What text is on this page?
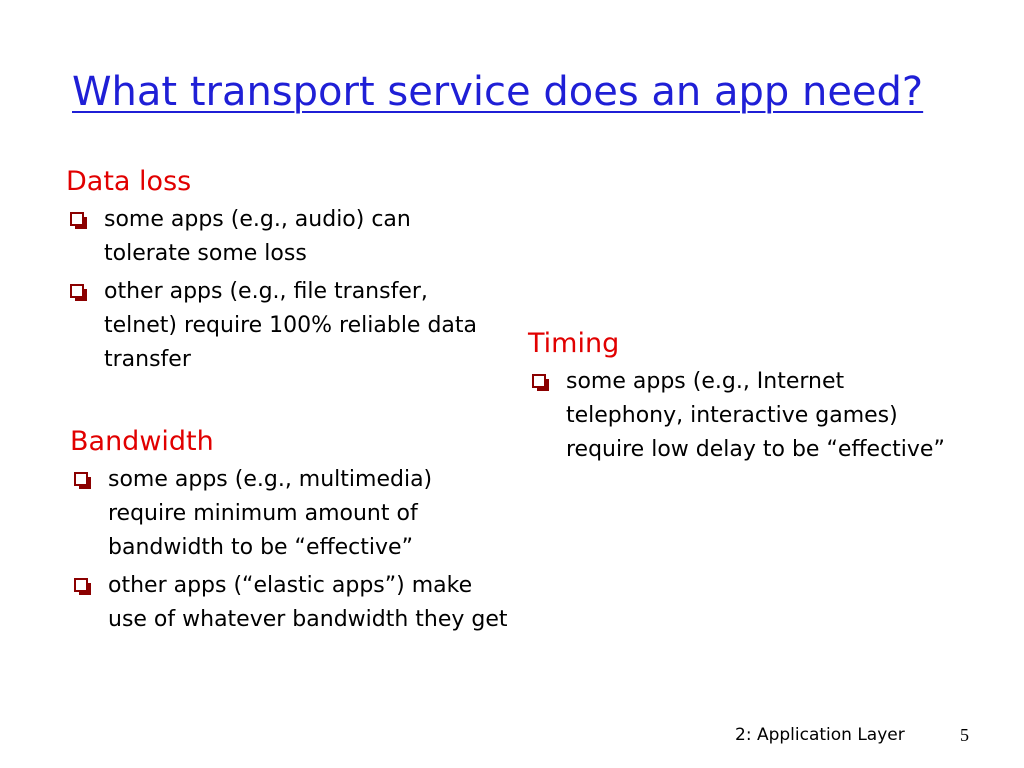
What transport service does an app need?
Data loss
some apps (e.g., audio) can tolerate some loss
other apps (e.g., file transfer, telnet) require 100% reliable data transfer
Bandwidth
some apps (e.g., multimedia) require minimum amount of bandwidth to be “effective”
other apps (“elastic apps”) make use of whatever bandwidth they get
Timing
some apps (e.g., Internet telephony, interactive games) require low delay to be “effective”
2: Application Layer	5
